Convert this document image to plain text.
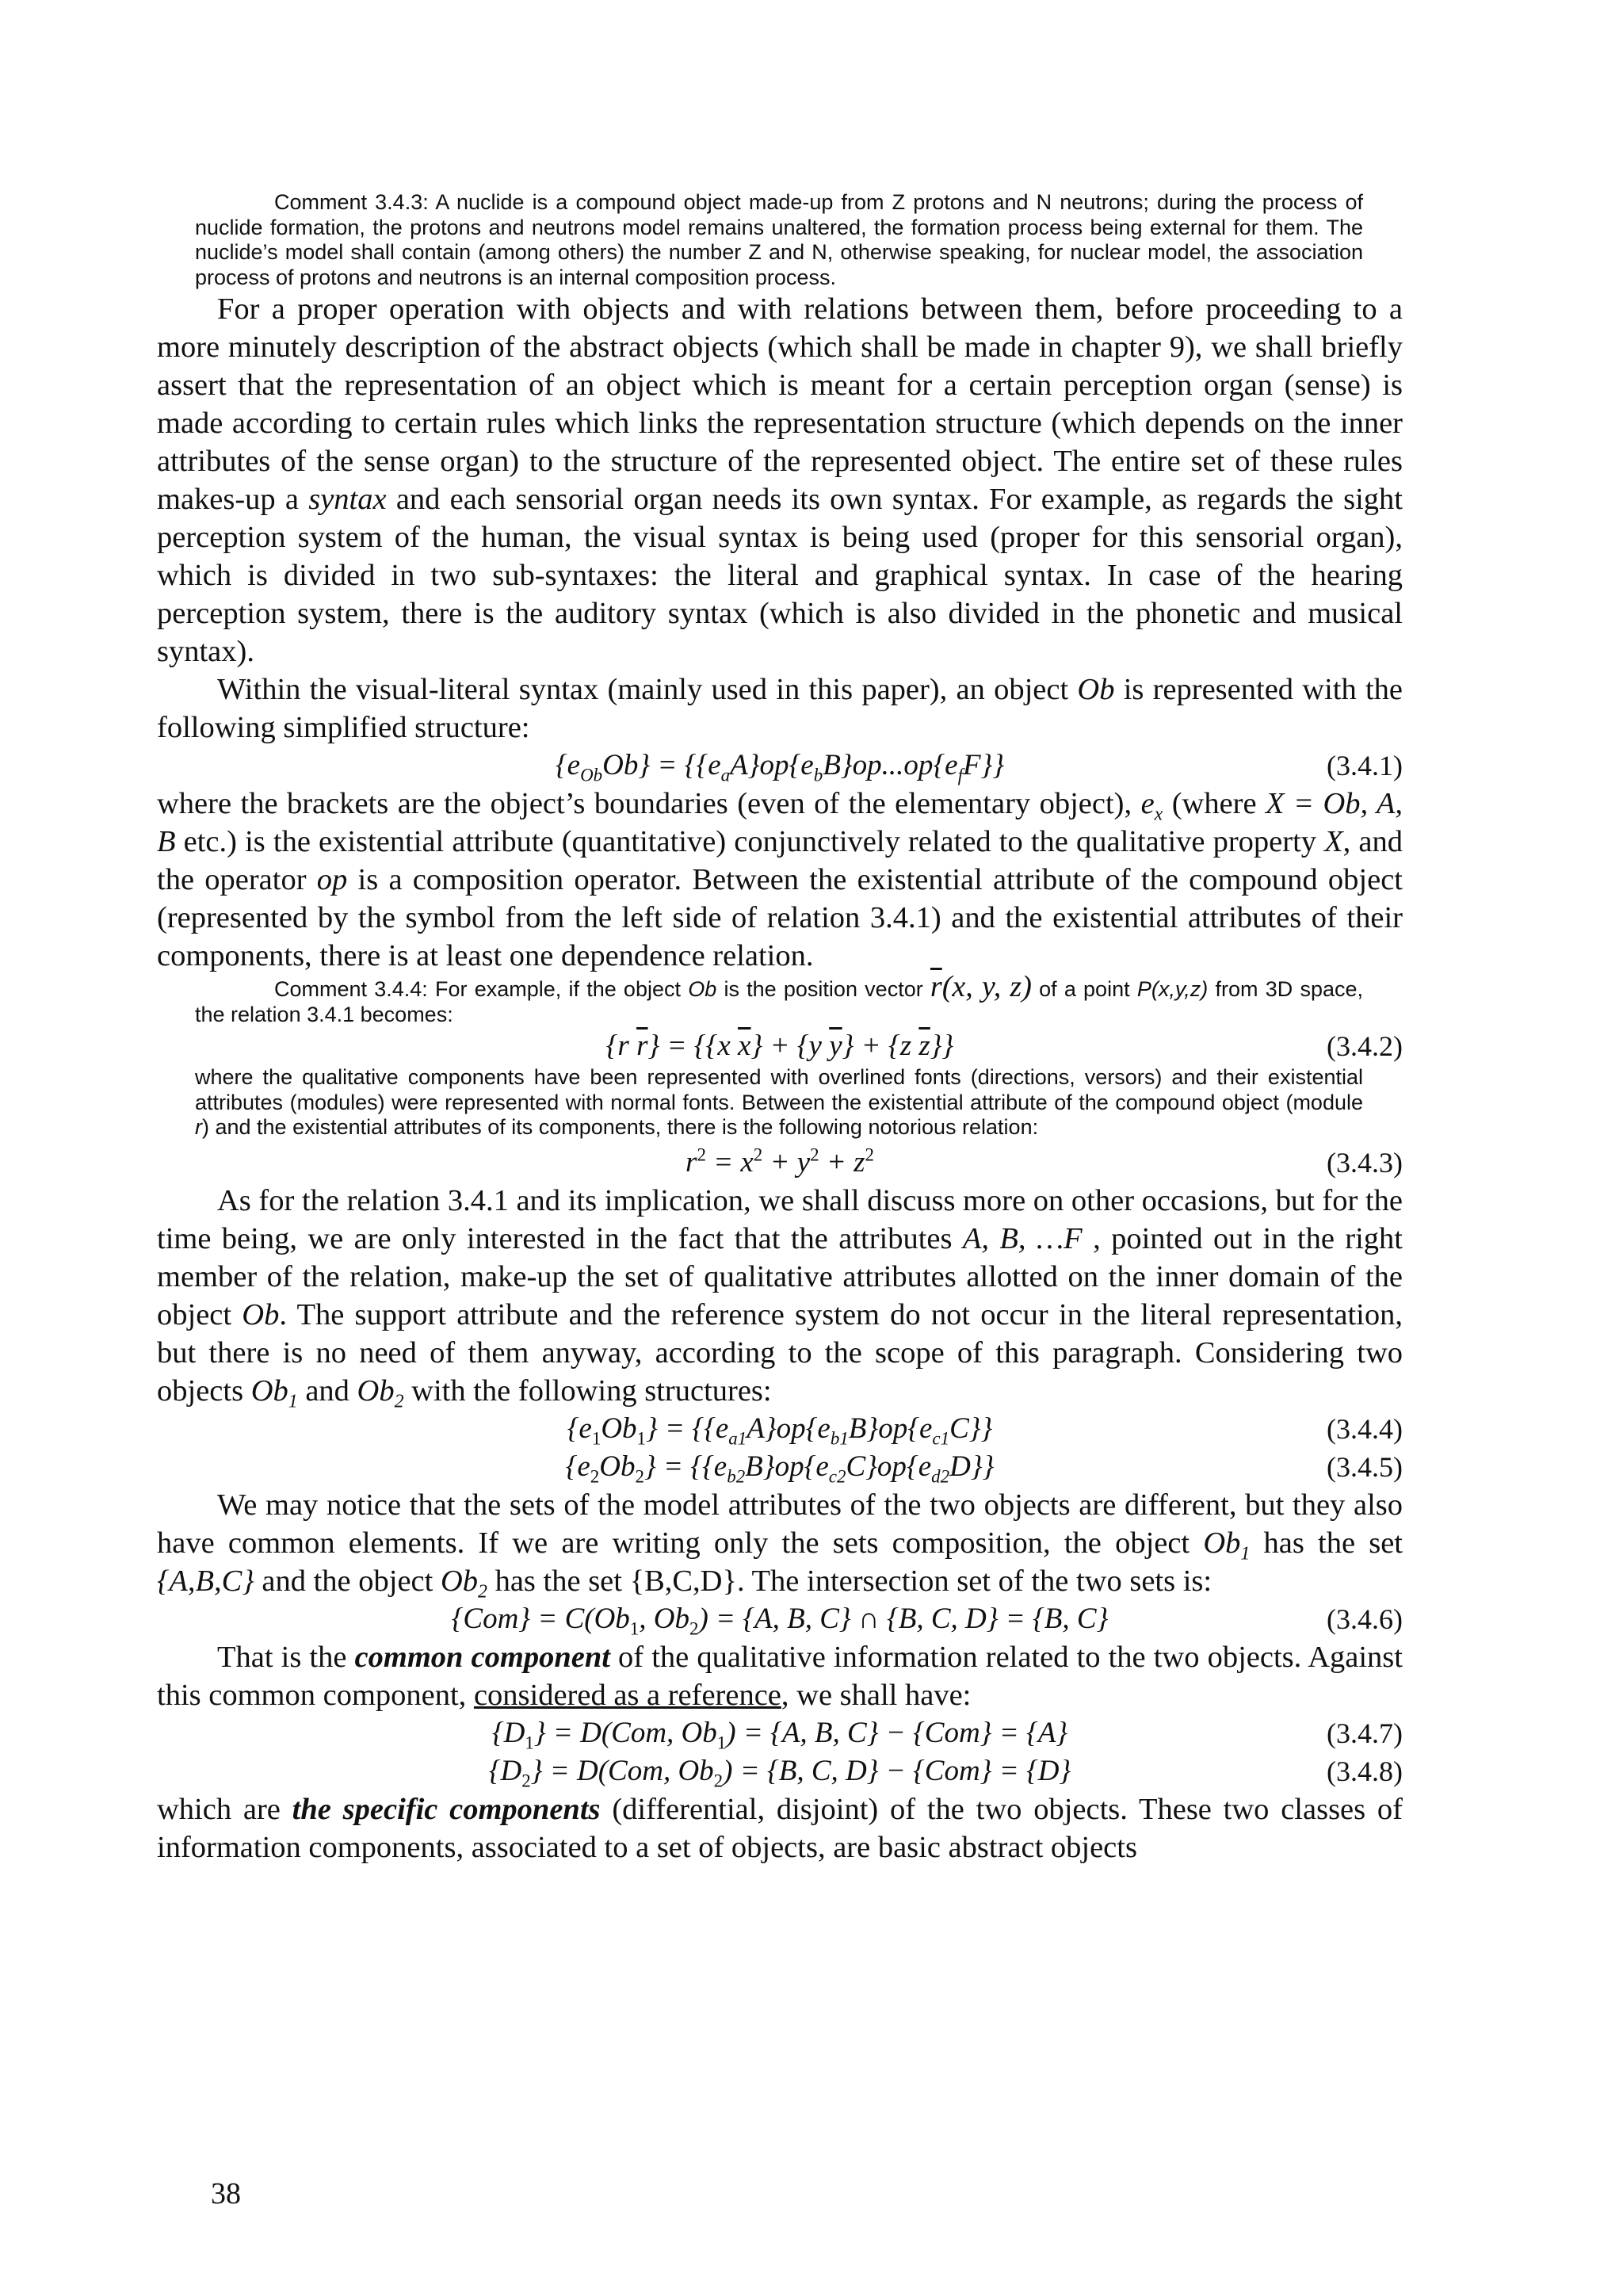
Comment 3.4.3: A nuclide is a compound object made-up from Z protons and N neutrons; during the process of nuclide formation, the protons and neutrons model remains unaltered, the formation process being external for them. The nuclide’s model shall contain (among others) the number Z and N, otherwise speaking, for nuclear model, the association process of protons and neutrons is an internal composition process.

For a proper operation with objects and with relations between them, before proceeding to a more minutely description of the abstract objects (which shall be made in chapter 9), we shall briefly assert that the representation of an object which is meant for a certain perception organ (sense) is made according to certain rules which links the representation structure (which depends on the inner attributes of the sense organ) to the structure of the represented object. The entire set of these rules makes-up a syntax and each sensorial organ needs its own syntax. For example, as regards the sight perception system of the human, the visual syntax is being used (proper for this sensorial organ), which is divided in two sub-syntaxes: the literal and graphical syntax. In case of the hearing perception system, there is the auditory syntax (which is also divided in the phonetic and musical syntax).

Within the visual-literal syntax (mainly used in this paper), an object Ob is represented with the following simplified structure:

$\{e_{Ob}Ob\} = \{\{e_aA\}op\{e_bB\}op...op\{e_fF\}\}$	(3.4.1)

where the brackets are the object’s boundaries (even of the elementary object), $e_x$ (where X = Ob, A, B etc.) is the existential attribute (quantitative) conjunctively related to the qualitative property X, and the operator op is a composition operator. Between the existential attribute of the compound object (represented by the symbol from the left side of relation 3.4.1) and the existential attributes of their components, there is at least one dependence relation.

Comment 3.4.4: For example, if the object Ob is the position vector $\overline{r}(x$, y, z) of a point P(x,y,z) from 3D space, the relation 3.4.1 becomes:

{r $\overline{r}\} = \{\{x$ $\overline{x}\} + \{y$ $\overline{y}\} + \{z$ $\overline{z}$}}	(3.4.2)

where the qualitative components have been represented with overlined fonts (directions, versors) and their existential attributes (modules) were represented with normal fonts. Between the existential attribute of the compound object (module r) and the existential attributes of its components, there is the following notorious relation:

$r^2 = x^2 + y^2 + z^2$	(3.4.3)

As for the relation 3.4.1 and its implication, we shall discuss more on other occasions, but for the time being, we are only interested in the fact that the attributes A, B, …F , pointed out in the right member of the relation, make-up the set of qualitative attributes allotted on the inner domain of the object Ob. The support attribute and the reference system do not occur in the literal representation, but there is no need of them anyway, according to the scope of this paragraph. Considering two objects $Ob_1$ and $Ob_2$ with the following structures:

$\{e_1Ob_1\} = \{\{e_{a1}A\}op\{e_{b1}B\}op\{e_{c1}C\}\}$	(3.4.4)
$\{e_2Ob_2\} = \{\{e_{b2}B\}op\{e_{c2}C\}op\{e_{d2}D\}\}$	(3.4.5)

We may notice that the sets of the model attributes of the two objects are different, but they also have common elements. If we are writing only the sets composition, the object $Ob_1$ has the set {A,B,C} and the object $Ob_2$ has the set {B,C,D}. The intersection set of the two sets is:

$\{Com\} = C(Ob_1$, $Ob_2) = \{A$, B, C} ∩ {B, C, D} = {B, C}	(3.4.6)

That is the common component of the qualitative information related to the two objects. Against this common component, considered as a reference, we shall have:

$\{D_1\} = D(Com$, $Ob_1) = \{A$, B, C} − {Com} = {A}	(3.4.7)
$\{D_2\} = D(Com$, $Ob_2) = \{B$, C, D} − {Com} = {D}	(3.4.8)

which are the specific components (differential, disjoint) of the two objects. These two classes of information components, associated to a set of objects, are basic abstract objects

38
